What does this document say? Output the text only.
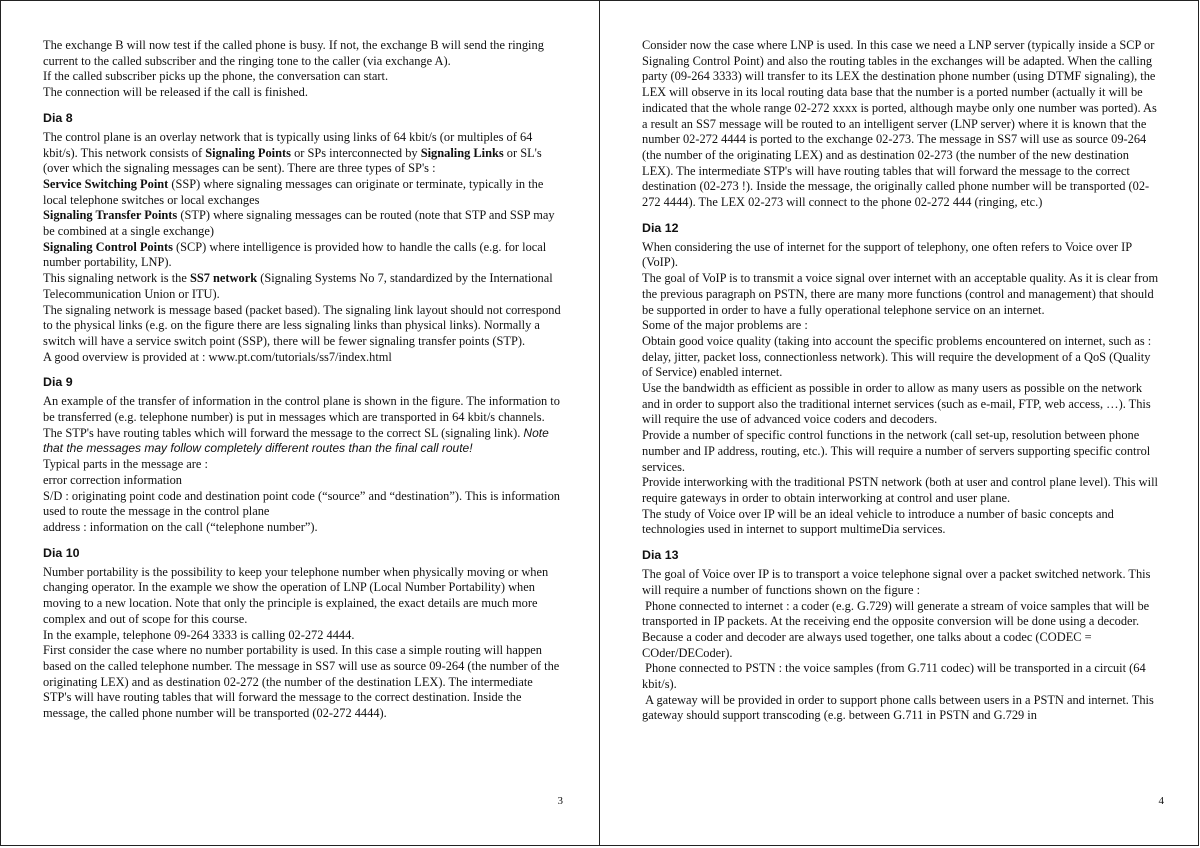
The exchange B will now test if the called phone is busy. If not, the exchange B will send the ringing current to the called subscriber and the ringing tone to the caller (via exchange A).

If the called subscriber picks up the phone, the conversation can start.

The connection will be released if the call is finished.

Dia 8

The control plane is an overlay network that is typically using links of 64 kbit/s (or multiples of 64 kbit/s). This network consists of Signaling Points or SPs interconnected by Signaling Links or SL's (over which the signaling messages can be sent). There are three types of SP's :

Service Switching Point (SSP) where signaling messages can originate or terminate, typically in the local telephone switches or local exchanges

Signaling Transfer Points (STP) where signaling messages can be routed (note that STP and SSP may be combined at a single exchange)

Signaling Control Points (SCP) where intelligence is provided how to handle the calls (e.g. for local number portability, LNP).

This signaling network is the SS7 network (Signaling Systems No 7, standardized by the International Telecommunication Union or ITU).

The signaling network is message based (packet based). The signaling link layout should not correspond to the physical links (e.g. on the figure there are less signaling links than physical links). Normally a switch will have a service switch point (SSP), there will be fewer signaling transfer points (STP).

A good overview is provided at : www.pt.com/tutorials/ss7/index.html

Dia 9

An example of the transfer of information in the control plane is shown in the figure. The information to be transferred (e.g. telephone number) is put in messages which are transported in 64 kbit/s channels. The STP's have routing tables which will forward the message to the correct SL (signaling link). Note that the messages may follow completely different routes than the final call route!

Typical parts in the message are :

error correction information

S/D : originating point code and destination point code (“source” and “destination”). This is information used to route the message in the control plane

address : information on the call (“telephone number”).

Dia 10

Number portability is the possibility to keep your telephone number when physically moving or when changing operator. In the example we show the operation of LNP (Local Number Portability) when moving to a new location. Note that only the principle is explained, the exact details are much more complex and out of scope for this course.

In the example, telephone 09-264 3333 is calling 02-272 4444.

First consider the case where no number portability is used. In this case a simple routing will happen based on the called telephone number. The message in SS7 will use as source 09-264 (the number of the originating LEX) and as destination 02-272 (the number of the destination LEX). The intermediate STP's will have routing tables that will forward the message to the correct destination. Inside the message, the called phone number will be transported (02-272 4444).

3

Consider now the case where LNP is used. In this case we need a LNP server (typically inside a SCP or Signaling Control Point) and also the routing tables in the exchanges will be adapted. When the calling party (09-264 3333) will transfer to its LEX the destination phone number (using DTMF signaling), the LEX will observe in its local routing data base that the number is a ported number (actually it will be indicated that the whole range 02-272 xxxx is ported, although maybe only one number was ported). As a result an SS7 message will be routed to an intelligent server (LNP server) where it is known that the number 02-272 4444 is ported to the exchange 02-273. The message in SS7 will use as source 09-264 (the number of the originating LEX) and as destination 02-273 (the number of the new destination LEX). The intermediate STP's will have routing tables that will forward the message to the correct destination (02-273 !). Inside the message, the originally called phone number will be transported (02-272 4444). The LEX 02-273 will connect to the phone 02-272 444 (ringing, etc.)

Dia 12

When considering the use of internet for the support of telephony, one often refers to Voice over IP (VoIP).

The goal of VoIP is to transmit a voice signal over internet with an acceptable quality. As it is clear from the previous paragraph on PSTN, there are many more functions (control and management) that should be supported in order to have a fully operational telephone service on an internet.

Some of the major problems are :

Obtain good voice quality (taking into account the specific problems encountered on internet, such as : delay, jitter, packet loss, connectionless network). This will require the development of a QoS (Quality of Service) enabled internet.

Use the bandwidth as efficient as possible in order to allow as many users as possible on the network and in order to support also the traditional internet services (such as e-mail, FTP, web access, …). This will require the use of advanced voice coders and decoders.

Provide a number of specific control functions in the network (call set-up, resolution between phone number and IP address, routing, etc.). This will require a number of servers supporting specific control services.

Provide interworking with the traditional PSTN network (both at user and control plane level). This will require gateways in order to obtain interworking at control and user plane.

The study of Voice over IP will be an ideal vehicle to introduce a number of basic concepts and technologies used in internet to support multimeDia services.

Dia 13

The goal of Voice over IP is to transport a voice telephone signal over a packet switched network. This will require a number of functions shown on the figure :

Phone connected to internet : a coder (e.g. G.729) will generate a stream of voice samples that will be transported in IP packets. At the receiving end the opposite conversion will be done using a decoder. Because a coder and decoder are always used together, one talks about a codec (CODEC = COder/DECoder).

Phone connected to PSTN : the voice samples (from G.711 codec) will be transported in a circuit (64 kbit/s).

A gateway will be provided in order to support phone calls between users in a PSTN and internet. This gateway should support transcoding (e.g. between G.711 in PSTN and G.729 in

4
